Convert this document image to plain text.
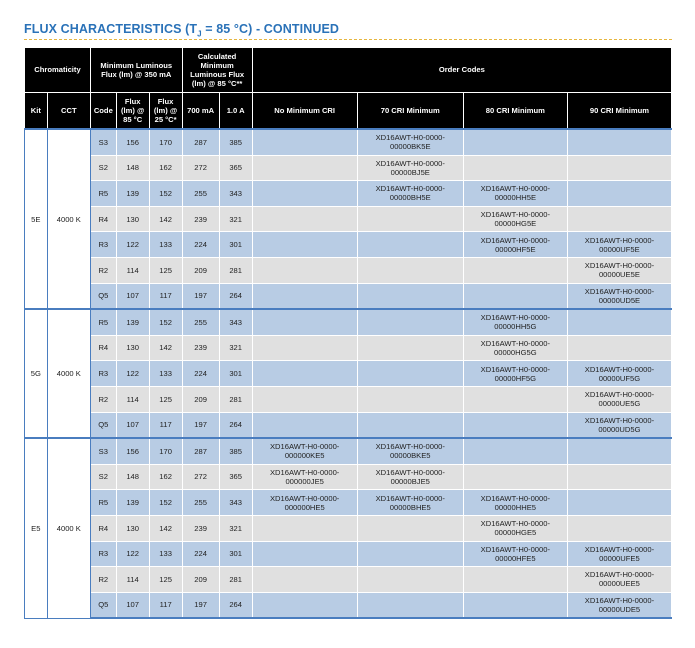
FLUX CHARACTERISTICS ($T_J = 85$ °C) - CONTINUED
Chromaticity		Minimum Luminous Flux (lm) @ 350 mA			Calculated Minimum Luminous Flux (lm) @ 85 °C**		Order Codes			
Kit	CCT	Code	Flux (lm) @ 85 °C	Flux (lm) @ 25 °C*	700 mA	1.0 A	No Minimum CRI	70 CRI Minimum	80 CRI Minimum	90 CRI Minimum
5E	4000 K	S3	156	170	287	385		XD16AWT-H0-0000-
00000BK5E		
		S2	148	162	272	365		XD16AWT-H0-0000-
00000BJ5E		
		R5	139	152	255	343		XD16AWT-H0-0000-
00000BH5E	XD16AWT-H0-0000-
00000HH5E	
		R4	130	142	239	321			XD16AWT-H0-0000-
00000HG5E	
		R3	122	133	224	301			XD16AWT-H0-0000-
00000HF5E	XD16AWT-H0-0000-
00000UF5E
		R2	114	125	209	281				XD16AWT-H0-0000-
00000UE5E
		Q5	107	117	197	264				XD16AWT-H0-0000-
00000UD5E
5G	4000 K	R5	139	152	255	343			XD16AWT-H0-0000-
00000HH5G	
		R4	130	142	239	321			XD16AWT-H0-0000-
00000HG5G	
		R3	122	133	224	301			XD16AWT-H0-0000-
00000HF5G	XD16AWT-H0-0000-
00000UF5G
		R2	114	125	209	281				XD16AWT-H0-0000-
00000UE5G
		Q5	107	117	197	264				XD16AWT-H0-0000-
00000UD5G
E5	4000 K	S3	156	170	287	385	XD16AWT-H0-0000-
000000KE5	XD16AWT-H0-0000-
00000BKE5		
		S2	148	162	272	365	XD16AWT-H0-0000-
000000JE5	XD16AWT-H0-0000-
00000BJE5		
		R5	139	152	255	343	XD16AWT-H0-0000-
000000HE5	XD16AWT-H0-0000-
00000BHE5	XD16AWT-H0-0000-
00000HHE5	
		R4	130	142	239	321			XD16AWT-H0-0000-
00000HGE5	
		R3	122	133	224	301			XD16AWT-H0-0000-
00000HFE5	XD16AWT-H0-0000-
00000UFE5
		R2	114	125	209	281				XD16AWT-H0-0000-
00000UEE5
		Q5	107	117	197	264				XD16AWT-H0-0000-
00000UDE5
